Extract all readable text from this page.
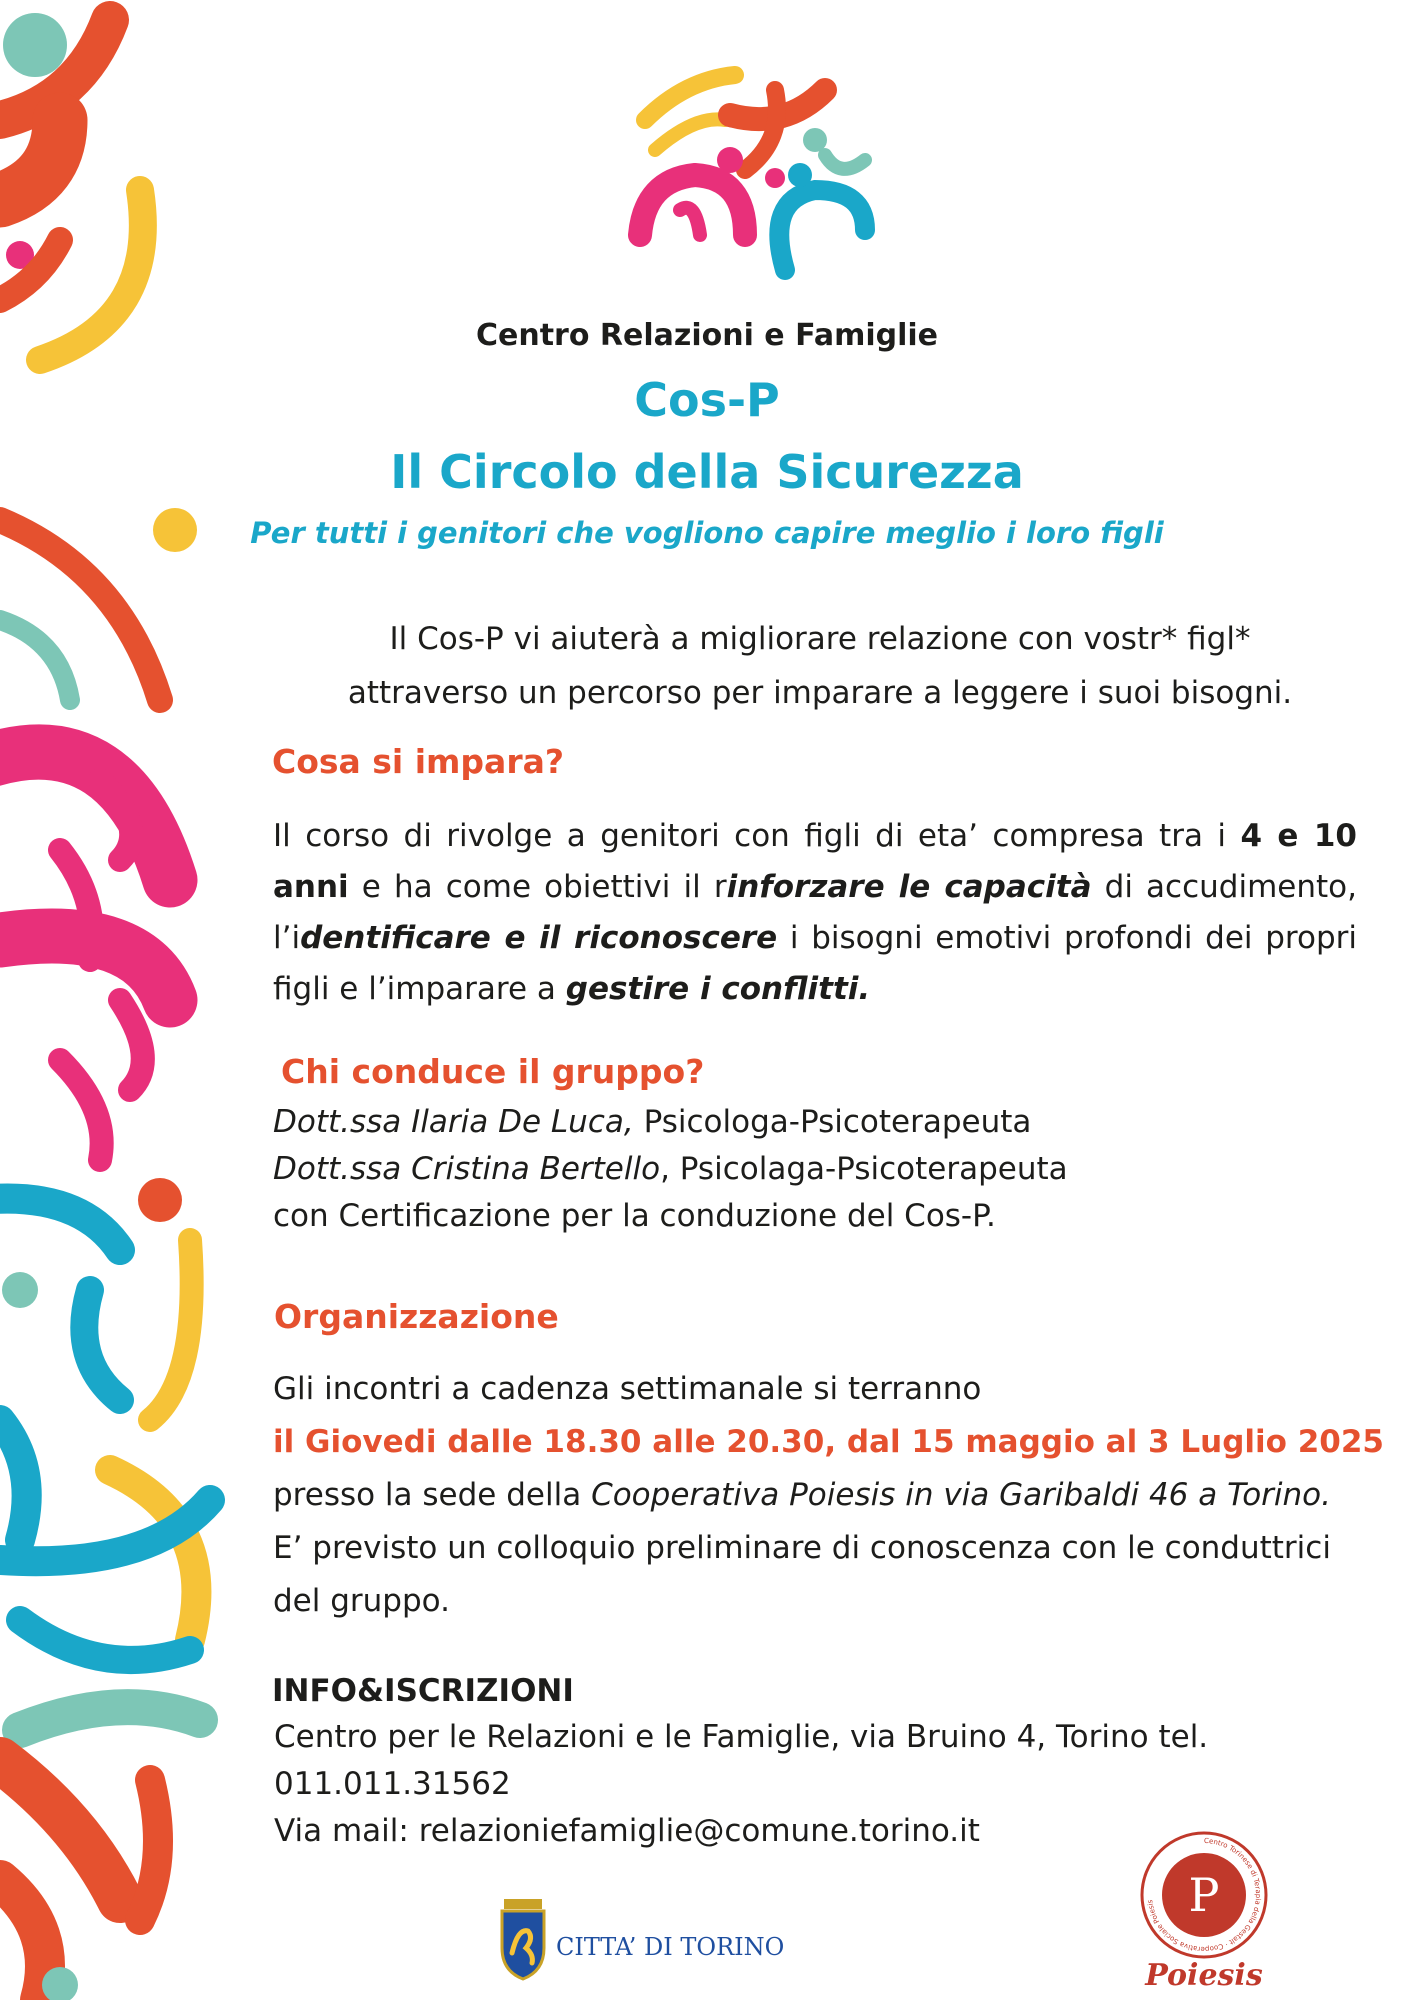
Centro Relazioni e Famiglie
Cos-P
Il Circolo della Sicurezza
Per tutti i genitori che vogliono capire meglio i loro figli
Il Cos-P vi aiuterà a migliorare relazione con vostr* figl*
attraverso un percorso per imparare a leggere i suoi bisogni.
Cosa si impara?
Il corso di rivolge a genitori con figli di eta’ compresa tra i 4 e 10 anni e ha come obiettivi il rinforzare le capacità di accudimento, l’identificare e il riconoscere i bisogni emotivi profondi dei propri figli e l’imparare a gestire i conflitti.
Chi conduce il gruppo?
Dott.ssa Ilaria De Luca, Psicologa-Psicoterapeuta
Dott.ssa Cristina Bertello, Psicolaga-Psicoterapeuta
con Certificazione per la conduzione del Cos-P.
Organizzazione
Gli incontri a cadenza settimanale si terranno
il Giovedi dalle 18.30 alle 20.30, dal 15 maggio al 3 Luglio 2025
presso la sede della Cooperativa Poiesis in via Garibaldi 46 a Torino. E’ previsto un colloquio preliminare di conoscenza con le conduttrici del gruppo.
INFO&ISCRIZIONI
Centro per le Relazioni e le Famiglie, via Bruino 4, Torino tel.
011.011.31562
Via mail: relazioniefamiglie@comune.torino.it
CITTA’ DI TORINO
Centro Torinese di Terapia della Gestalt · Cooperativa Sociale Poiesis P
Poiesis
